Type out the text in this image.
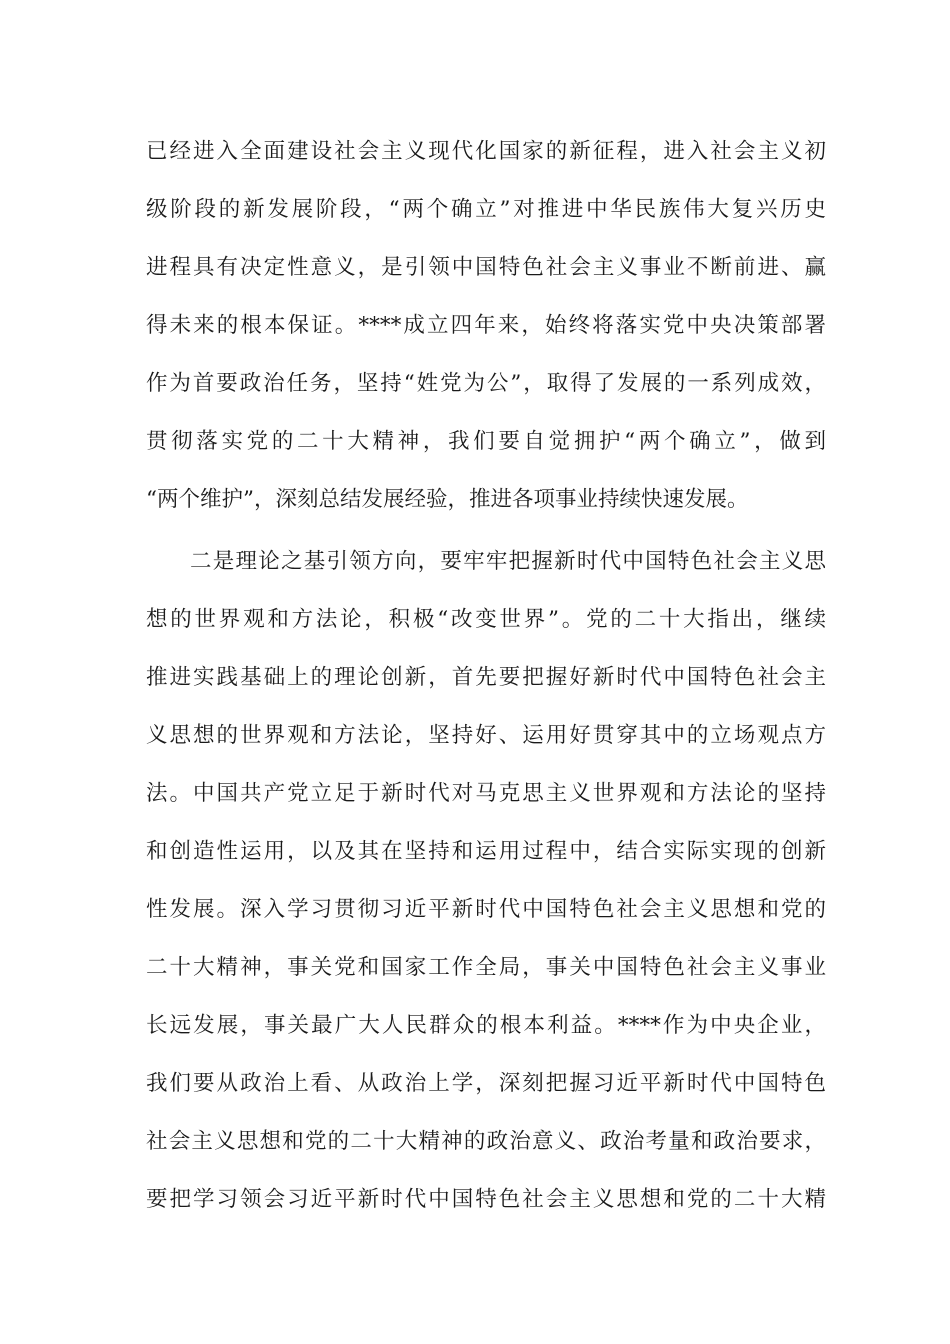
已经进入全面建设社会主义现代化国家的新征程，进入社会主义初
级阶段的新发展阶段，“两个确立”对推进中华民族伟大复兴历史
进程具有决定性意义，是引领中国特色社会主义事业不断前进、赢
得未来的根本保证。****成立四年来，始终将落实党中央决策部署
作为首要政治任务，坚持“姓党为公”，取得了发展的一系列成效，
贯彻落实党的二十大精神，我们要自觉拥护“两个确立”，做到
“两个维护”，深刻总结发展经验，推进各项事业持续快速发展。
二是理论之基引领方向，要牢牢把握新时代中国特色社会主义思
想的世界观和方法论，积极“改变世界”。党的二十大指出，继续
推进实践基础上的理论创新，首先要把握好新时代中国特色社会主
义思想的世界观和方法论，坚持好、运用好贯穿其中的立场观点方
法。中国共产党立足于新时代对马克思主义世界观和方法论的坚持
和创造性运用，以及其在坚持和运用过程中，结合实际实现的创新
性发展。深入学习贯彻习近平新时代中国特色社会主义思想和党的
二十大精神，事关党和国家工作全局，事关中国特色社会主义事业
长远发展，事关最广大人民群众的根本利益。****作为中央企业，
我们要从政治上看、从政治上学，深刻把握习近平新时代中国特色
社会主义思想和党的二十大精神的政治意义、政治考量和政治要求，
要把学习领会习近平新时代中国特色社会主义思想和党的二十大精
